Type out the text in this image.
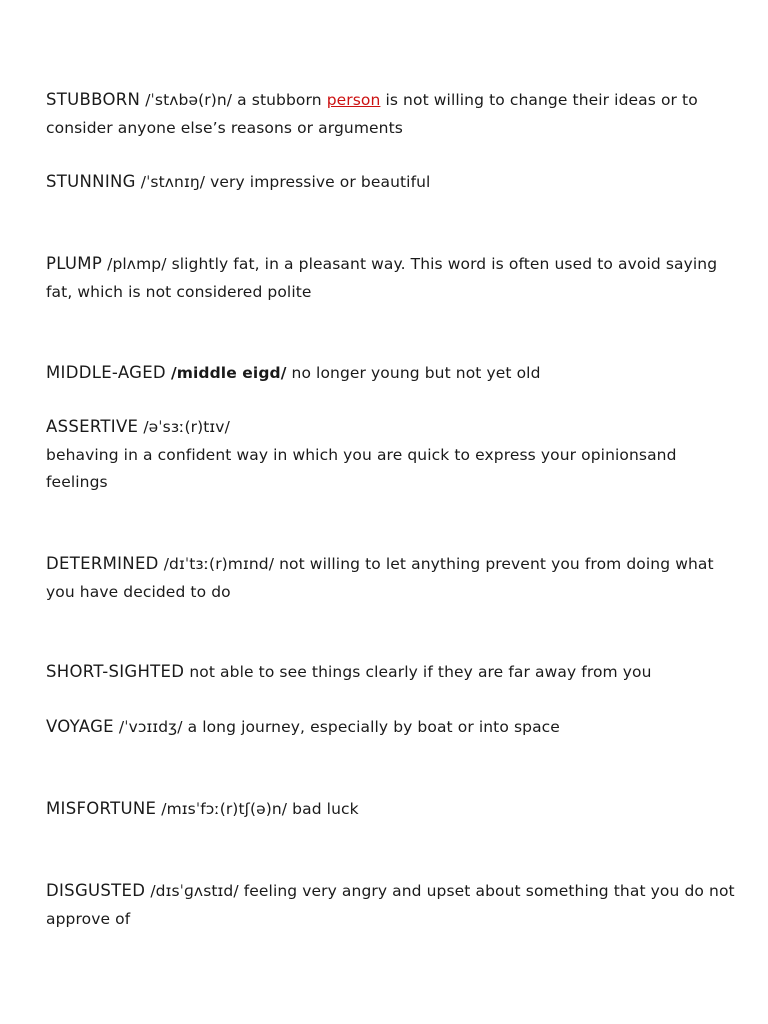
STUBBORN /ˈstʌbə(r)n/ a stubborn person is not willing to change their ideas or to consider anyone else’s reasons or arguments
STUNNING /ˈstʌnɪŋ/ very impressive or beautiful
PLUMP /plʌmp/ slightly fat, in a pleasant way. This word is often used to avoid saying fat, which is not considered polite
MIDDLE-AGED /middle eigd/ no longer young but not yet old
ASSERTIVE /əˈsɜː(r)tɪv/
behaving in a confident way in which you are quick to express your opinionsand feelings
DETERMINED /dɪˈtɜː(r)mɪnd/ not willing to let anything prevent you from doing what you have decided to do
SHORT-SIGHTED not able to see things clearly if they are far away from you
VOYAGE /ˈvɔɪɪdʒ/ a long journey, especially by boat or into space
MISFORTUNE /mɪsˈfɔː(r)tʃ(ə)n/ bad luck
DISGUSTED /dɪsˈɡʌstɪd/ feeling very angry and upset about something that you do not approve of
